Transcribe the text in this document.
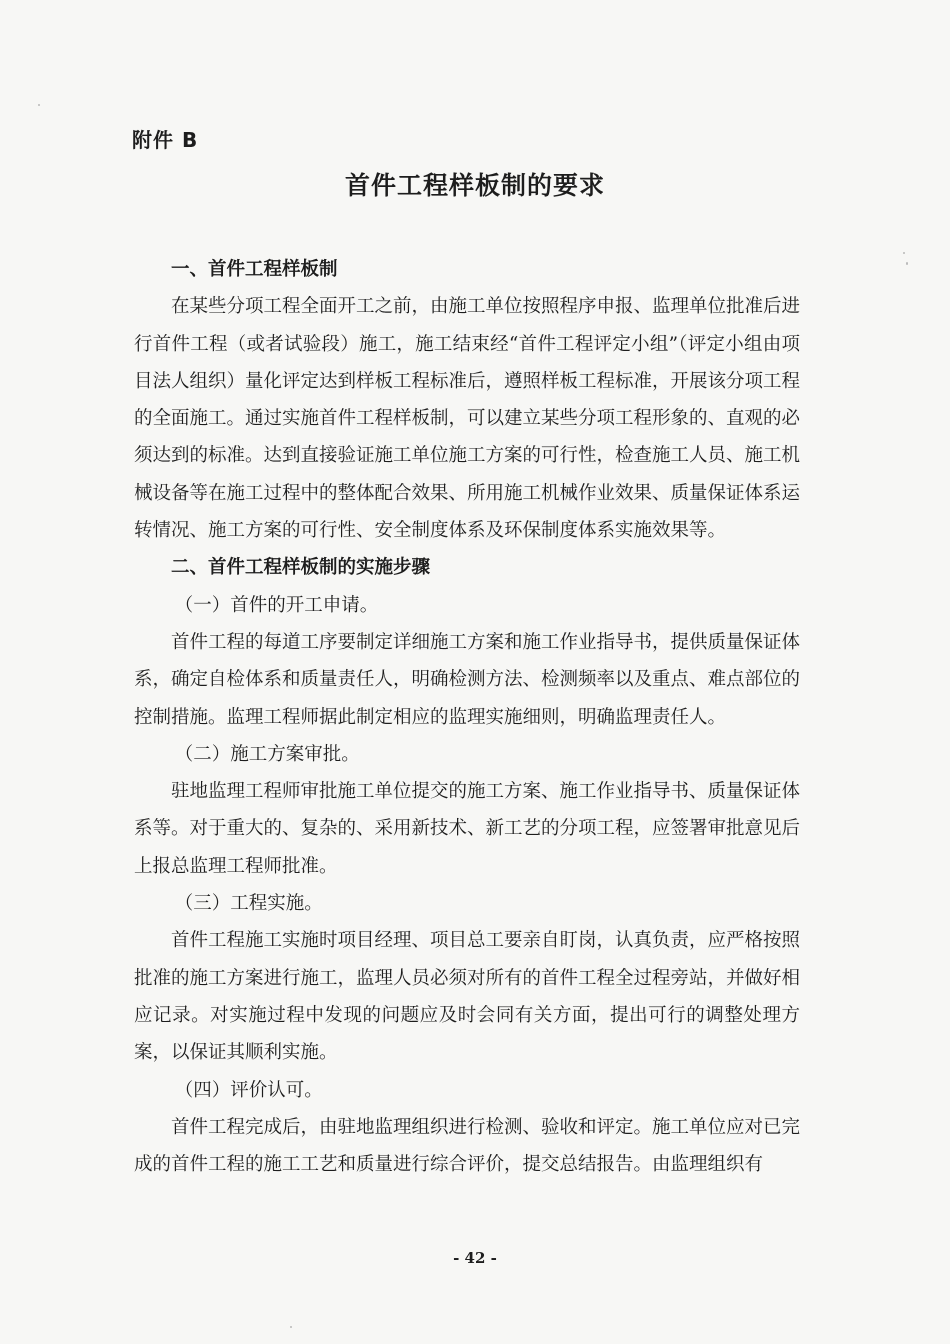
附件 B
首件工程样板制的要求

一、首件工程样板制

在某些分项工程全面开工之前，由施工单位按照程序申报、监理单位批准后进行首件工程（或者试验段）施工，施工结束经“首件工程评定小组”（评定小组由项目法人组织）量化评定达到样板工程标准后，遵照样板工程标准，开展该分项工程的全面施工。通过实施首件工程样板制，可以建立某些分项工程形象的、直观的必须达到的标准。达到直接验证施工单位施工方案的可行性，检查施工人员、施工机械设备等在施工过程中的整体配合效果、所用施工机械作业效果、质量保证体系运转情况、施工方案的可行性、安全制度体系及环保制度体系实施效果等。

二、首件工程样板制的实施步骤

（一）首件的开工申请。

首件工程的每道工序要制定详细施工方案和施工作业指导书，提供质量保证体系，确定自检体系和质量责任人，明确检测方法、检测频率以及重点、难点部位的控制措施。监理工程师据此制定相应的监理实施细则，明确监理责任人。

（二）施工方案审批。

驻地监理工程师审批施工单位提交的施工方案、施工作业指导书、质量保证体系等。对于重大的、复杂的、采用新技术、新工艺的分项工程，应签署审批意见后上报总监理工程师批准。

（三）工程实施。

首件工程施工实施时项目经理、项目总工要亲自盯岗，认真负责，应严格按照批准的施工方案进行施工，监理人员必须对所有的首件工程全过程旁站，并做好相应记录。对实施过程中发现的问题应及时会同有关方面，提出可行的调整处理方案，以保证其顺利实施。

（四）评价认可。

首件工程完成后，由驻地监理组织进行检测、验收和评定。施工单位应对已完成的首件工程的施工工艺和质量进行综合评价，提交总结报告。由监理组织有

- 42 -
